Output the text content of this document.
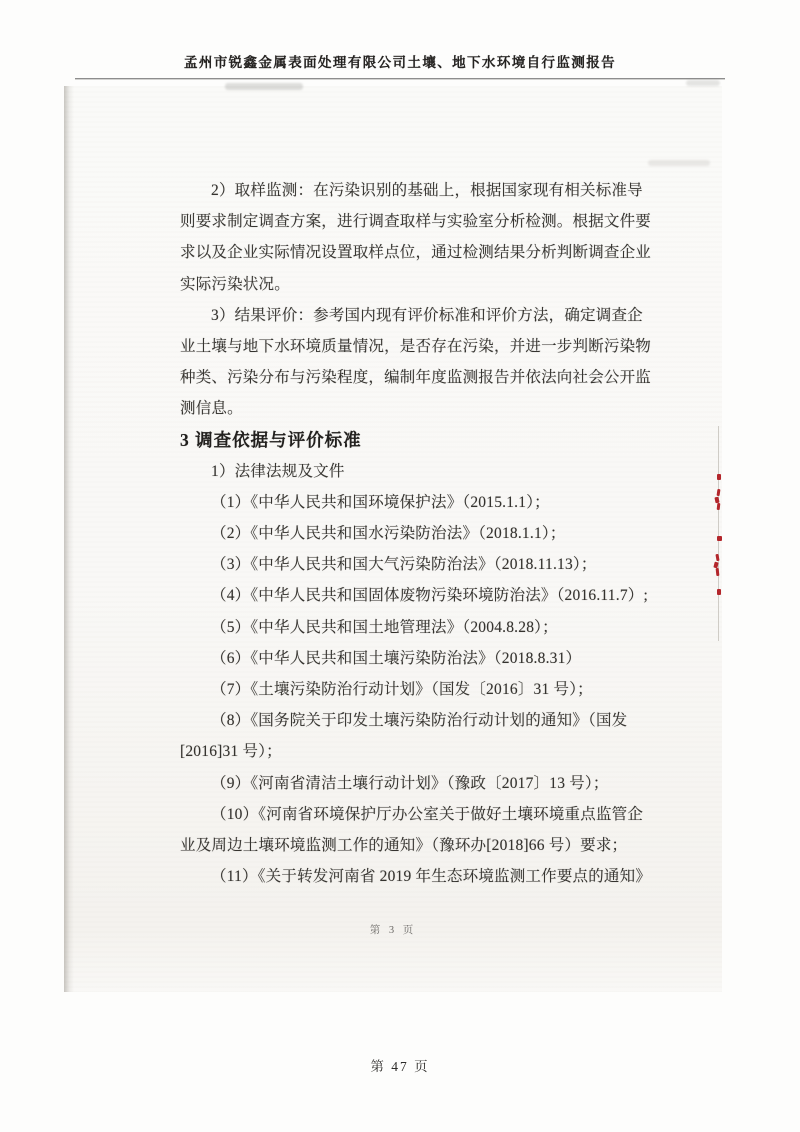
孟州市锐鑫金属表面处理有限公司土壤、地下水环境自行监测报告
2）取样监测：在污染识别的基础上，根据国家现有相关标准导
则要求制定调查方案，进行调查取样与实验室分析检测。根据文件要
求以及企业实际情况设置取样点位，通过检测结果分析判断调查企业
实际污染状况。
3）结果评价：参考国内现有评价标准和评价方法，确定调查企
业土壤与地下水环境质量情况，是否存在污染，并进一步判断污染物
种类、污染分布与污染程度，编制年度监测报告并依法向社会公开监
测信息。
3 调查依据与评价标准
1）法律法规及文件
（1）《中华人民共和国环境保护法》（2015.1.1）；
（2）《中华人民共和国水污染防治法》（2018.1.1）；
（3）《中华人民共和国大气污染防治法》（2018.11.13）；
（4）《中华人民共和国固体废物污染环境防治法》（2016.11.7）;
（5）《中华人民共和国土地管理法》（2004.8.28）；
（6）《中华人民共和国土壤污染防治法》（2018.8.31）
（7）《土壤污染防治行动计划》（国发〔2016〕31 号）；
（8）《国务院关于印发土壤污染防治行动计划的通知》（国发
[2016]31 号）；
（9）《河南省清洁土壤行动计划》（豫政〔2017〕13 号）；
（10）《河南省环境保护厅办公室关于做好土壤环境重点监管企
业及周边土壤环境监测工作的通知》（豫环办[2018]66 号）要求；
（11）《关于转发河南省 2019 年生态环境监测工作要点的通知》
第 3 页
第 47 页
